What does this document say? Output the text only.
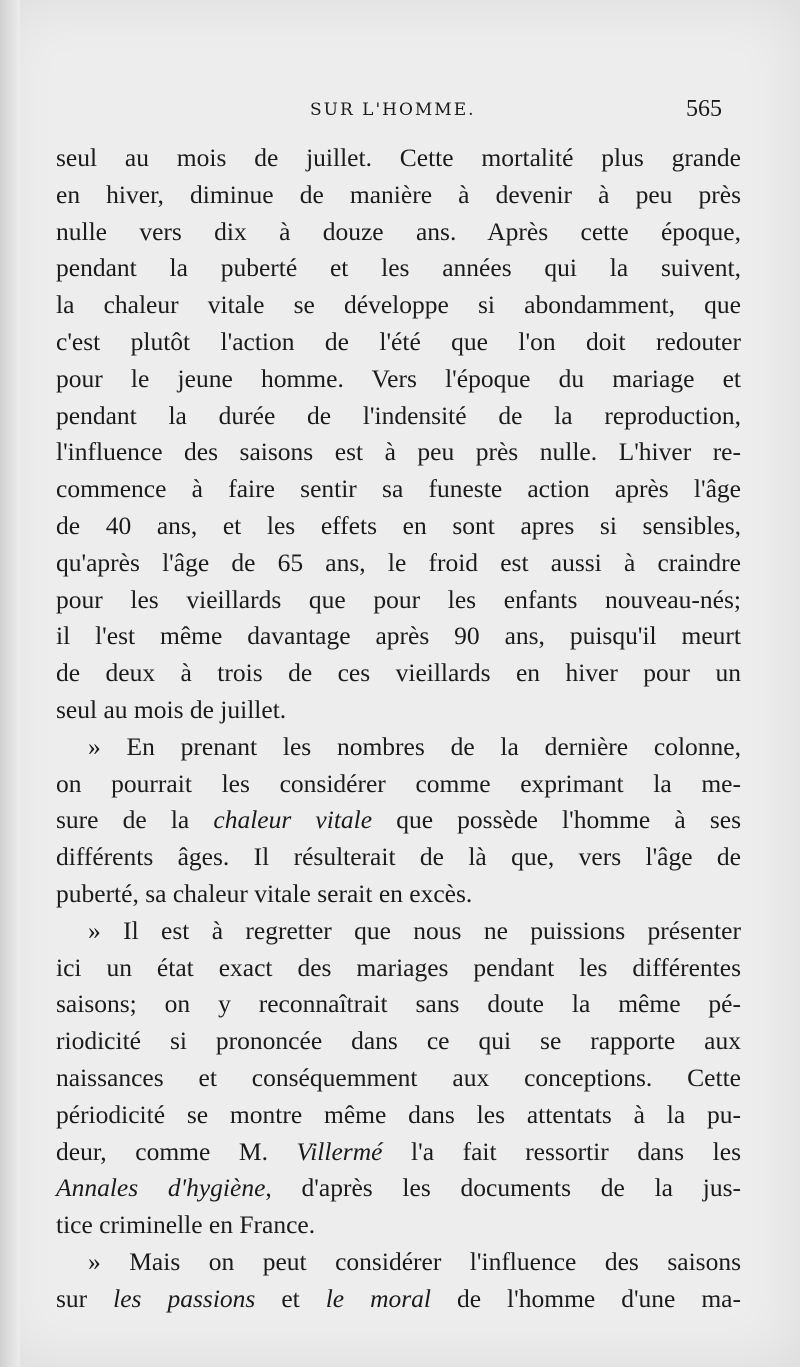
SUR L'HOMME.	565
seul au mois de juillet. Cette mortalité plus grande
en hiver, diminue de manière à devenir à peu près
nulle vers dix à douze ans. Après cette époque,
pendant la puberté et les années qui la suivent,
la chaleur vitale se développe si abondamment, que
c'est plutôt l'action de l'été que l'on doit redouter
pour le jeune homme. Vers l'époque du mariage et
pendant la durée de l'indensité de la reproduction,
l'influence des saisons est à peu près nulle. L'hiver re-
commence à faire sentir sa funeste action après l'âge
de 40 ans, et les effets en sont apres si sensibles,
qu'après l'âge de 65 ans, le froid est aussi à craindre
pour les vieillards que pour les enfants nouveau-nés;
il l'est même davantage après 90 ans, puisqu'il meurt
de deux à trois de ces vieillards en hiver pour un
seul au mois de juillet.
» En prenant les nombres de la dernière colonne,
on pourrait les considérer comme exprimant la me-
sure de la chaleur vitale que possède l'homme à ses
différents âges. Il résulterait de là que, vers l'âge de
puberté, sa chaleur vitale serait en excès.
» Il est à regretter que nous ne puissions présenter
ici un état exact des mariages pendant les différentes
saisons; on y reconnaîtrait sans doute la même pé-
riodicité si prononcée dans ce qui se rapporte aux
naissances et conséquemment aux conceptions. Cette
périodicité se montre même dans les attentats à la pu-
deur, comme M. Villermé l'a fait ressortir dans les
Annales d'hygiène, d'après les documents de la jus-
tice criminelle en France.
» Mais on peut considérer l'influence des saisons
sur les passions et le moral de l'homme d'une ma-
